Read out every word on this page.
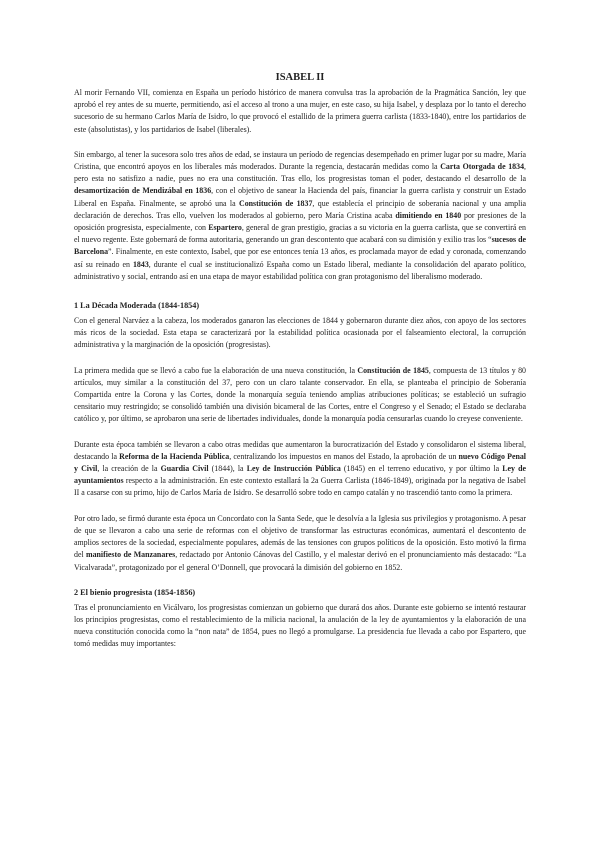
ISABEL II

Al morir Fernando VII, comienza en España un período histórico de manera convulsa tras la aprobación de la Pragmática Sanción, ley que aprobó el rey antes de su muerte, permitiendo, así el acceso al trono a una mujer, en este caso, su hija Isabel, y desplaza por lo tanto el derecho sucesorio de su hermano Carlos María de Isidro, lo que provocó el estallido de la primera guerra carlista (1833-1840), entre los partidarios de este (absolutistas), y los partidarios de Isabel (liberales).

Sin embargo, al tener la sucesora solo tres años de edad, se instaura un período de regencias desempeñado en primer lugar por su madre, María Cristina, que encontró apoyos en los liberales más moderados. Durante la regencia, destacarán medidas como la Carta Otorgada de 1834, pero esta no satisfizo a nadie, pues no era una constitución. Tras ello, los progresistas toman el poder, destacando el desarrollo de la desamortización de Mendizábal en 1836, con el objetivo de sanear la Hacienda del país, financiar la guerra carlista y construir un Estado Liberal en España. Finalmente, se aprobó una la Constitución de 1837, que establecía el principio de soberanía nacional y una amplia declaración de derechos. Tras ello, vuelven los moderados al gobierno, pero María Cristina acaba dimitiendo en 1840 por presiones de la oposición progresista, especialmente, con Espartero, general de gran prestigio, gracias a su victoria en la guerra carlista, que se convertirá en el nuevo regente. Este gobernará de forma autoritaria, generando un gran descontento que acabará con su dimisión y exilio tras los “sucesos de Barcelona”. Finalmente, en este contexto, Isabel, que por ese entonces tenía 13 años, es proclamada mayor de edad y coronada, comenzando así su reinado en 1843, durante el cual se institucionalizó España como un Estado liberal, mediante la consolidación del aparato político, administrativo y social, entrando así en una etapa de mayor estabilidad política con gran protagonismo del liberalismo moderado.

1 La Década Moderada (1844-1854)

Con el general Narváez a la cabeza, los moderados ganaron las elecciones de 1844 y gobernaron durante diez años, con apoyo de los sectores más ricos de la sociedad. Esta etapa se caracterizará por la estabilidad política ocasionada por el falseamiento electoral, la corrupción administrativa y la marginación de la oposición (progresistas).

La primera medida que se llevó a cabo fue la elaboración de una nueva constitución, la Constitución de 1845, compuesta de 13 títulos y 80 artículos, muy similar a la constitución del 37, pero con un claro talante conservador. En ella, se planteaba el principio de Soberanía Compartida entre la Corona y las Cortes, donde la monarquía seguía teniendo amplias atribuciones políticas; se estableció un sufragio censitario muy restringido; se consolidó también una división bicameral de las Cortes, entre el Congreso y el Senado; el Estado se declaraba católico y, por último, se aprobaron una serie de libertades individuales, donde la monarquía podía censurarlas cuando lo creyese conveniente.

Durante esta época también se llevaron a cabo otras medidas que aumentaron la burocratización del Estado y consolidaron el sistema liberal, destacando la Reforma de la Hacienda Pública, centralizando los impuestos en manos del Estado, la aprobación de un nuevo Código Penal y Civil, la creación de la Guardia Civil (1844), la Ley de Instrucción Pública (1845) en el terreno educativo, y por último la Ley de ayuntamientos respecto a la administración. En este contexto estallará la 2a Guerra Carlista (1846-1849), originada por la negativa de Isabel II a casarse con su primo, hijo de Carlos María de Isidro. Se desarrolló sobre todo en campo catalán y no trascendió tanto como la primera.

Por otro lado, se firmó durante esta época un Concordato con la Santa Sede, que le desolvía a la Iglesia sus privilegios y protagonismo. A pesar de que se llevaron a cabo una serie de reformas con el objetivo de transformar las estructuras económicas, aumentará el descontento de amplios sectores de la sociedad, especialmente populares, además de las tensiones con grupos políticos de la oposición. Esto motivó la firma del manifiesto de Manzanares, redactado por Antonio Cánovas del Castillo, y el malestar derivó en el pronunciamiento más destacado: “La Vicalvarada”, protagonizado por el general O’Donnell, que provocará la dimisión del gobierno en 1852.

2 El bienio progresista (1854-1856)

Tras el pronunciamiento en Vicálvaro, los progresistas comienzan un gobierno que durará dos años. Durante este gobierno se intentó restaurar los principios progresistas, como el restablecimiento de la milicia nacional, la anulación de la ley de ayuntamientos y la elaboración de una nueva constitución conocida como la “non nata” de 1854, pues no llegó a promulgarse. La presidencia fue llevada a cabo por Espartero, que tomó medidas muy importantes:
